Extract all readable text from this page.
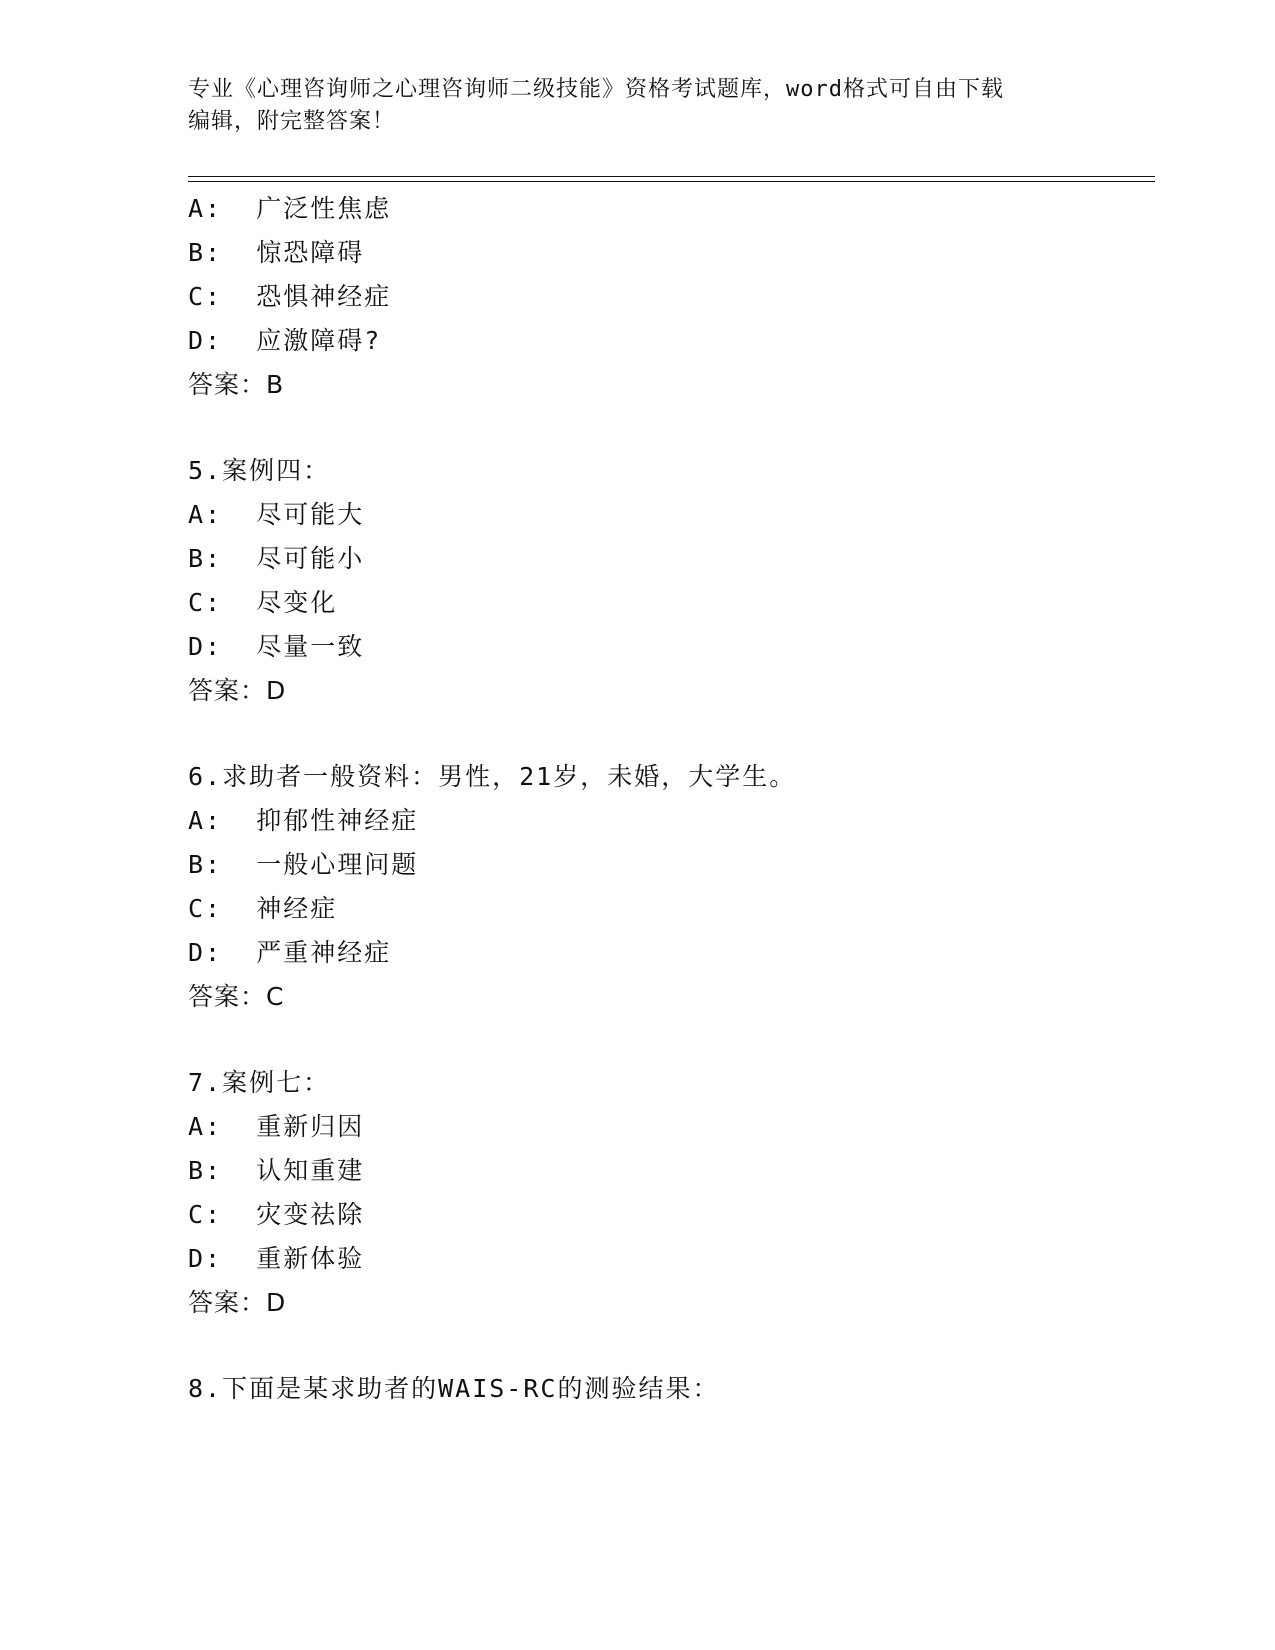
专业《心理咨询师之心理咨询师二级技能》资格考试题库，word格式可自由下载
编辑，附完整答案！
A:  广泛性焦虑
B:  惊恐障碍
C:  恐惧神经症
D:  应激障碍?
答案：B
5.案例四：
A:  尽可能大
B:  尽可能小
C:  尽变化
D:  尽量一致
答案：D
6.求助者一般资料：男性，21岁，未婚，大学生。
A:  抑郁性神经症
B:  一般心理问题
C:  神经症
D:  严重神经症
答案：C
7.案例七：
A:  重新归因
B:  认知重建
C:  灾变祛除
D:  重新体验
答案：D
8.下面是某求助者的WAIS-RC的测验结果：
